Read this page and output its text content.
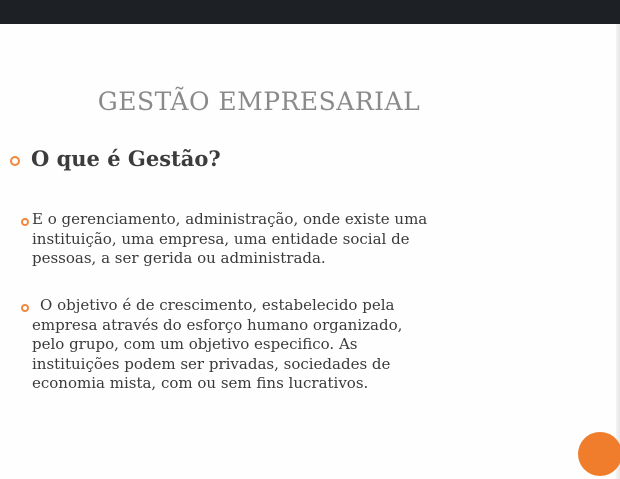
GESTÃO EMPRESARIAL
O que é Gestão?
E o gerenciamento, administração, onde existe uma
instituição, uma empresa, uma entidade social de
pessoas, a ser gerida ou administrada.
O objetivo é de crescimento, estabelecido pela
empresa através do esforço humano organizado,
pelo grupo, com um objetivo especifico. As
instituições podem ser privadas, sociedades de
economia mista, com ou sem fins lucrativos.
